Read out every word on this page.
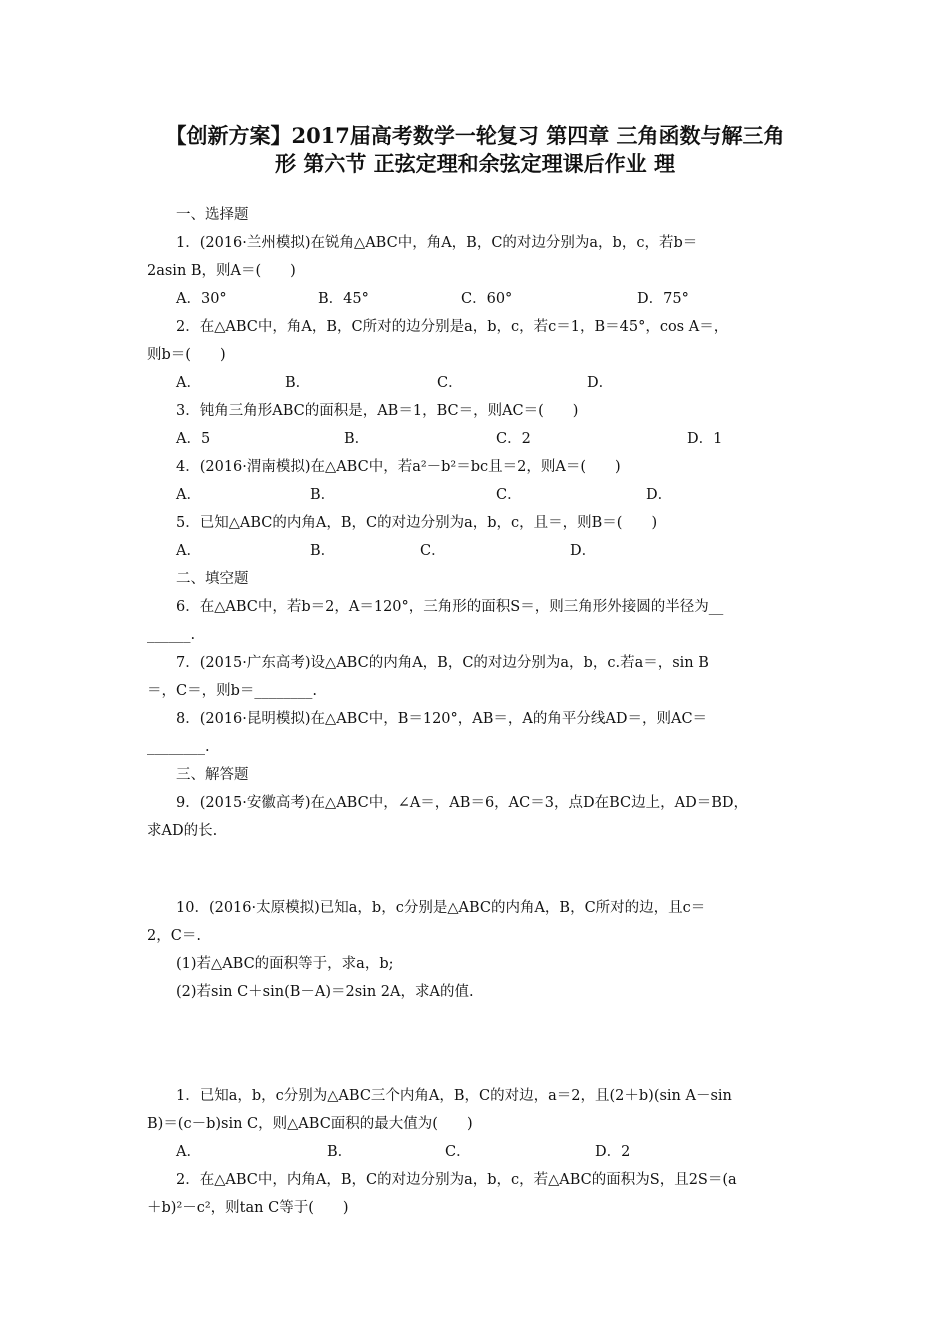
【创新方案】2017届高考数学一轮复习 第四章 三角函数与解三角
形 第六节 正弦定理和余弦定理课后作业 理
一、选择题
1．(2016·兰州模拟)在锐角△ABC中，角A，B，C的对边分别为a，b，c，若b＝
2asin B，则A＝(　　)
A．30°	B．45°	C．60°	D．75°
2．在△ABC中，角A，B，C所对的边分别是a，b，c，若c＝1，B＝45°，cos A＝，
则b＝(　　)
A．	B．	C．	D．
3．钝角三角形ABC的面积是，AB＝1，BC＝，则AC＝(　　)
A．5	B．	C．2	D．1
4．(2016·渭南模拟)在△ABC中，若a²－b²＝bc且＝2，则A＝(　　)
A．	B．	C．	D．
5．已知△ABC的内角A，B，C的对边分别为a，b，c，且＝，则B＝(　　)
A．	B．	C．	D．
二、填空题
6．在△ABC中，若b＝2，A＝120°，三角形的面积S＝，则三角形外接圆的半径为__
______.
7．(2015·广东高考)设△ABC的内角A，B，C的对边分别为a，b，c.若a＝，sin B
＝，C＝，则b＝________.
8．(2016·昆明模拟)在△ABC中，B＝120°，AB＝，A的角平分线AD＝，则AC＝
________.
三、解答题
9．(2015·安徽高考)在△ABC中，∠A＝，AB＝6，AC＝3，点D在BC边上，AD＝BD，
求AD的长.
10．(2016·太原模拟)已知a，b，c分别是△ABC的内角A，B，C所对的边，且c＝
2，C＝.
(1)若△ABC的面积等于，求a，b;
(2)若sin C＋sin(B－A)＝2sin 2A，求A的值.
1．已知a，b，c分别为△ABC三个内角A，B，C的对边，a＝2，且(2＋b)(sin A－sin
B)＝(c－b)sin C，则△ABC面积的最大值为(　　)
A．	B．	C．	D．2
2．在△ABC中，内角A，B，C的对边分别为a，b，c，若△ABC的面积为S，且2S＝(a
＋b)²－c²，则tan C等于(　　)
